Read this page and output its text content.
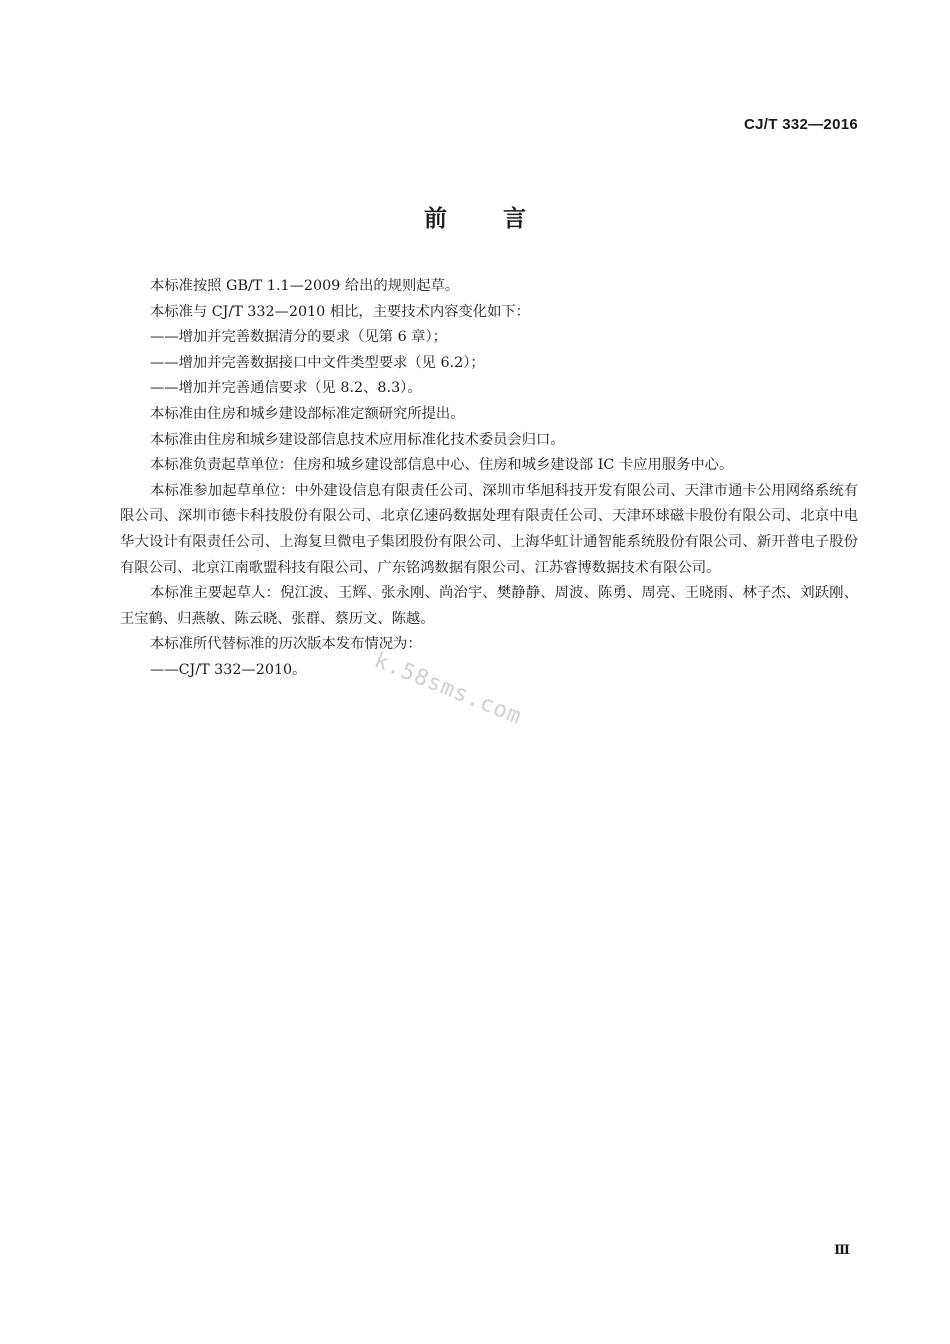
CJ/T 332—2016
前言

本标准按照 GB/T 1.1—2009 给出的规则起草。

本标准与 CJ/T 332—2010 相比，主要技术内容变化如下：

——增加并完善数据清分的要求（见第 6 章）；

——增加并完善数据接口中文件类型要求（见 6.2）；

——增加并完善通信要求（见 8.2、8.3）。

本标准由住房和城乡建设部标准定额研究所提出。

本标准由住房和城乡建设部信息技术应用标准化技术委员会归口。

本标准负责起草单位：住房和城乡建设部信息中心、住房和城乡建设部 IC 卡应用服务中心。

本标准参加起草单位：中外建设信息有限责任公司、深圳市华旭科技开发有限公司、天津市通卡公用网络系统有限公司、深圳市德卡科技股份有限公司、北京亿速码数据处理有限责任公司、天津环球磁卡股份有限公司、北京中电华大设计有限责任公司、上海复旦微电子集团股份有限公司、上海华虹计通智能系统股份有限公司、新开普电子股份有限公司、北京江南歌盟科技有限公司、广东铭鸿数据有限公司、江苏睿博数据技术有限公司。

本标准主要起草人：倪江波、王辉、张永刚、尚治宇、樊静静、周波、陈勇、周亮、王晓雨、林子杰、刘跃刚、王宝鹤、归燕敏、陈云晓、张群、蔡历文、陈越。

本标准所代替标准的历次版本发布情况为：

——CJ/T 332—2010。	k.58sms.com
Ⅲ
